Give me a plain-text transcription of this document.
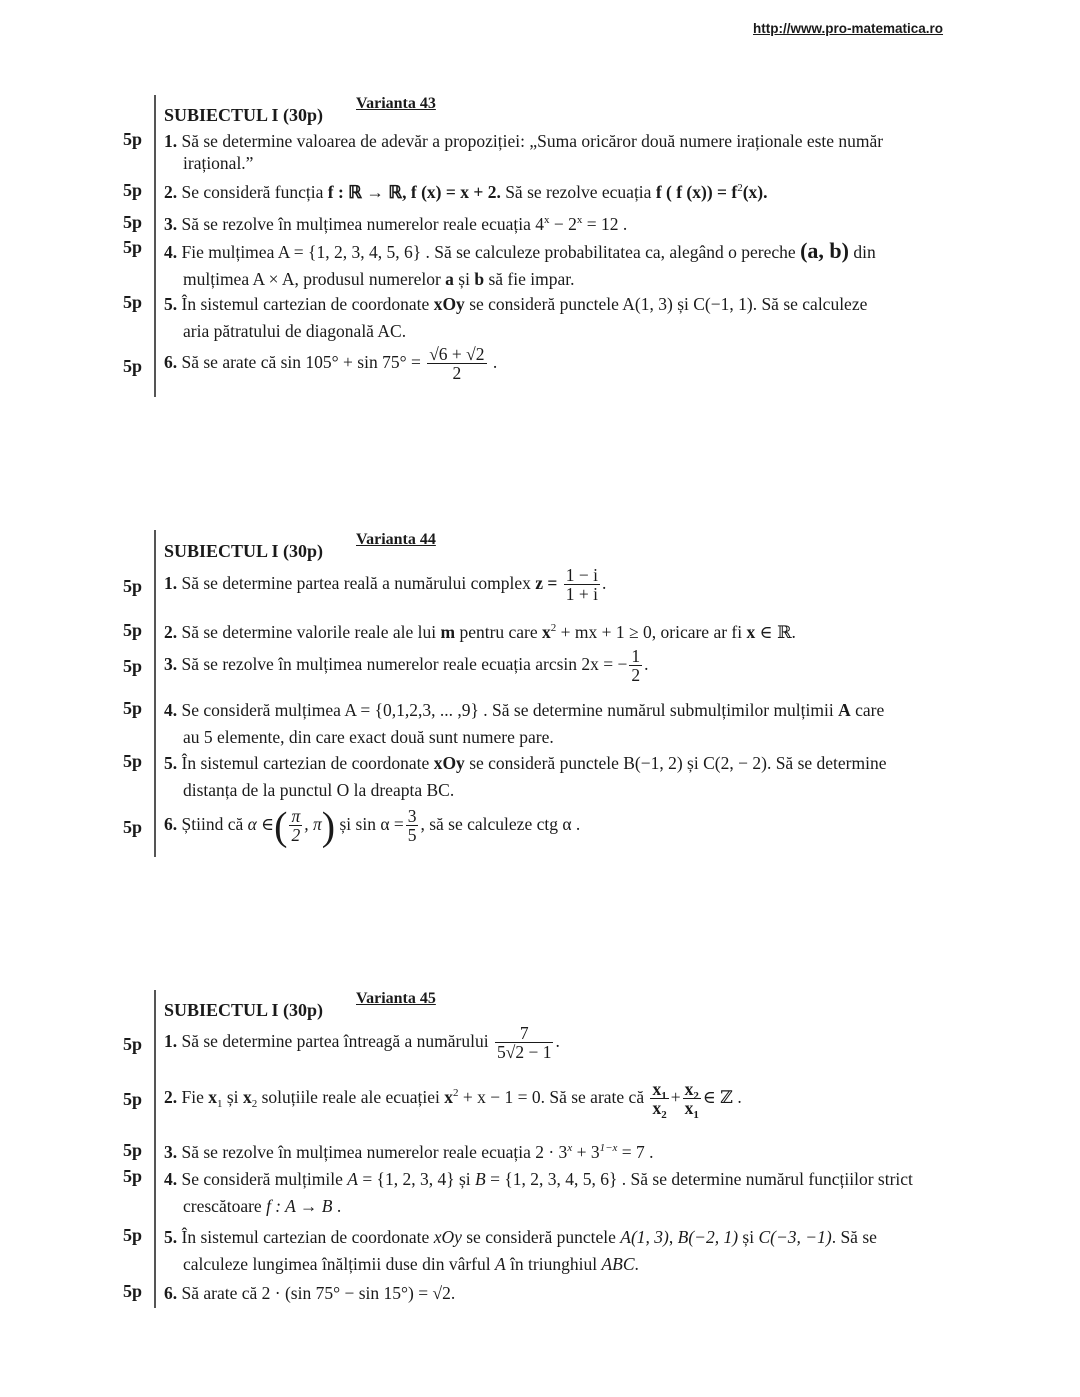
http://www.pro-matematica.ro
SUBIECTUL I (30p)
Varianta 43
5p 1. Să se determine valoarea de adevăr a propoziției: „Suma oricăror două numere iraționale este număr
irațional.”
5p 2. Se consideră funcția f : ℝ → ℝ, f (x) = x + 2. Să se rezolve ecuația f ( f $(x)) = f^2(x)$.
5p 3. Să se rezolve în mulțimea numerelor reale ecuația $4^x - 2^x = 12$ .
5p 4. Fie mulțimea A = {1, 2, 3, 4, 5, 6} . Să se calculeze probabilitatea ca, alegând o pereche (a, b) din
mulțimea A × A, produsul numerelor a și b să fie impar.
5p 5. În sistemul cartezian de coordonate xOy se consideră punctele A(1, 3) și C(−1, 1). Să se calculeze
aria pătratului de diagonală AC.
5p 6. Să se arate că $\sin 105^\circ + \sin 75^\circ = \frac{√6 + √2}{2}$ .
SUBIECTUL I (30p)
Varianta 44
5p 1. Să se determine partea reală a numărului complex $z = \frac{1 - i}{1 + i}$ .
5p 2. Să se determine valorile reale ale lui m pentru care $x^2$ + mx + 1 ≥ 0, oricare ar fi x ∈ ℝ.
5p 3. Să se rezolve în mulțimea numerelor reale ecuația arcsin 2x = − $\frac{1}{2}$ .
5p 4. Se consideră mulțimea A = {0,1,2,3, ... ,9} . Să se determine numărul submulțimilor mulțimii A care
au 5 elemente, din care exact două sunt numere pare.
5p 5. În sistemul cartezian de coordonate xOy se consideră punctele B(−1, 2) și C(2, − 2). Să se determine
distanța de la punctul O la dreapta BC.
5p 6. Știind că α ∈( $\frac{\pi}{2}$ , π) și $\sin \alpha = \frac{3}{5}$ , să se calculeze ctg α .
SUBIECTUL I (30p)
Varianta 45
5p 1. Să se determine partea întreagă a numărului $\frac{7}{5√2 - 1}$ .
5p 2. Fie $x_1$ și $x_2$ soluțiile reale ale ecuației $x^2 + x - 1 = 0$. Să se arate că $\frac{x_1}{x_2} + \frac{x_2}{x_1}$ ∈ ℤ .
5p 3. Să se rezolve în mulțimea numerelor reale ecuația $2 \cdot 3^x + 3^{1-x} = 7$ .
5p 4. Se consideră mulțimile A = {1, 2, 3, 4} și B = {1, 2, 3, 4, 5, 6} . Să se determine numărul funcțiilor strict
crescătoare f : A → B .
5p 5. În sistemul cartezian de coordonate xOy se consideră punctele A(1, 3), B(−2, 1) și C(−3, −1). Să se
calculeze lungimea înălțimii duse din vârful A în triunghiul ABC.
5p 6. Să arate că 2 · (sin 75° − sin 15°) = √2.
